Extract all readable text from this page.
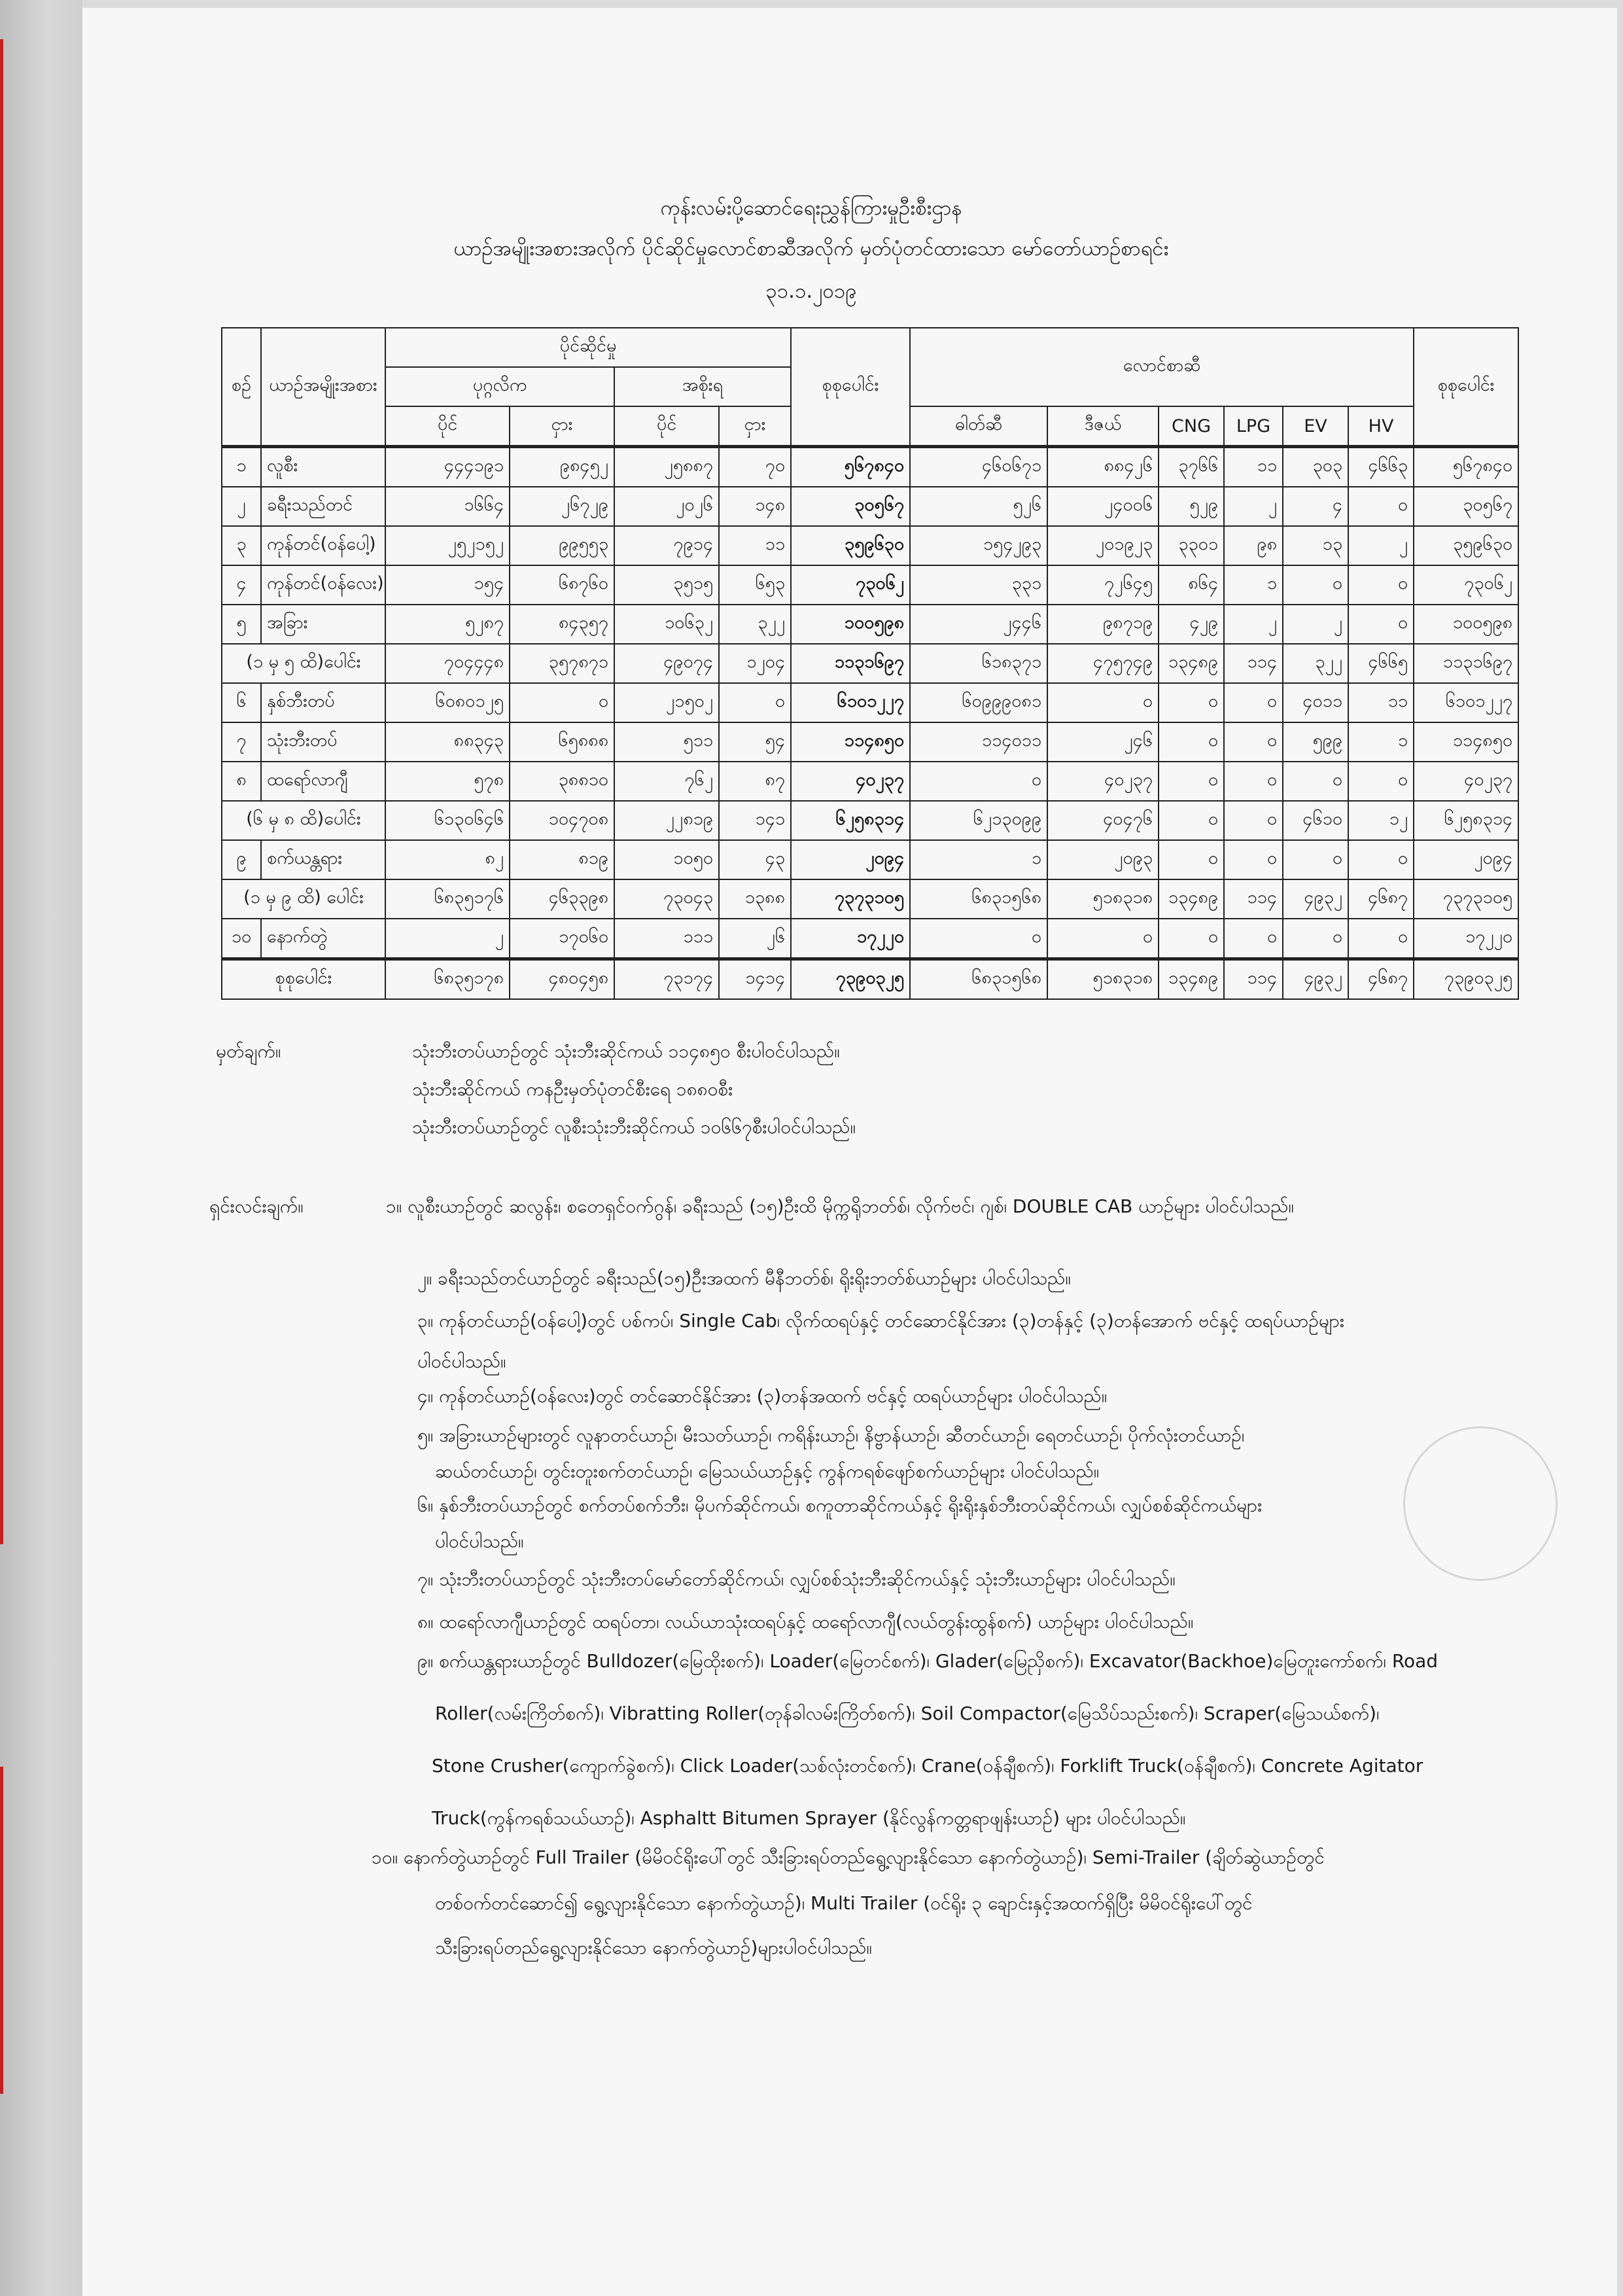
ကုန်းလမ်းပို့ဆောင်ရေးညွှန်ကြားမှုဦးစီးဌာန
ယာဉ်အမျိုးအစားအလိုက် ပိုင်ဆိုင်မှုလောင်စာဆီအလိုက် မှတ်ပုံတင်ထားသော မော်တော်ယာဉ်စာရင်း
၃၁.၁.၂၀၁၉
စဉ်	ယာဉ်အမျိုးအစား	ပိုင်ဆိုင်မှု				စုစုပေါင်း	လောင်စာဆီ						စုစုပေါင်း
		ပုဂ္ဂလိက		အစိုးရ									
		ပိုင်	ငှား	ပိုင်	ငှား		ဓါတ်ဆီ	ဒီဇယ်	CNG	LPG	EV	HV	
၁	လူစီး	၄၄၄၁၉၁	၉၈၄၅၂	၂၅၈၈၇	၇၀	၅၆၇၈၄၀	၄၆၀၆၇၁	၈၈၄၂၆	၃၇၆၆	၁၁	၃၀၃	၄၆၆၃	၅၆၇၈၄၀
၂	ခရီးသည်တင်	၁၆၆၄	၂၆၇၂၉	၂၀၂၆	၁၄၈	၃၀၅၆၇	၅၂၆	၂၄၀၀၆	၅၂၉	၂	၄	၀	၃၀၅၆၇
၃	ကုန်တင်(ဝန်ပေါ့)	၂၅၂၁၅၂	၉၉၅၅၃	၇၉၁၄	၁၁	၃၅၉၆၃၀	၁၅၄၂၉၃	၂၀၁၉၂၃	၃၃၀၁	၉၈	၁၃	၂	၃၅၉၆၃၀
၄	ကုန်တင်(ဝန်လေး)	၁၅၄	၆၈၇၆၀	၃၅၁၅	၆၅၃	၇၃၀၆၂	၃၃၁	၇၂၆၄၅	၈၆၄	၁	၀	၀	၇၃၀၆၂
၅	အခြား	၅၂၈၇	၈၄၃၅၇	၁၀၆၃၂	၃၂၂	၁၀၀၅၉၈	၂၄၄၆	၉၈၇၁၉	၄၂၉	၂	၂	၀	၁၀၀၅၉၈
(၁ မှ ၅ ထိ)ပေါင်း		၇၀၄၄၄၈	၃၅၇၈၇၁	၄၉၀၇၄	၁၂၀၄	၁၁၃၁၆၉၇	၆၁၈၃၇၁	၄၇၅၇၄၉	၁၃၄၈၉	၁၁၄	၃၂၂	၄၆၆၅	၁၁၃၁၆၉၇
၆	နှစ်ဘီးတပ်	၆၀၈၀၁၂၅	၀	၂၁၅၀၂	၀	၆၁၀၁၂၂၇	၆၀၉၉၉၀၈၁	၀	၀	၀	၄၀၁၁	၁၁	၆၁၀၁၂၂၇
၇	သုံးဘီးတပ်	၈၈၃၄၃	၆၅၈၈၈	၅၁၁	၅၄	၁၁၄၈၅၀	၁၁၄၀၁၁	၂၄၆	၀	၀	၅၉၉	၁	၁၁၄၈၅၀
၈	ထရော်လာဂျီ	၅၇၈	၃၈၈၁၀	၇၆၂	၈၇	၄၀၂၃၇	၀	၄၀၂၃၇	၀	၀	၀	၀	၄၀၂၃၇
(၆ မှ ၈ ထိ)ပေါင်း		၆၁၃၀၆၄၆	၁၀၄၇၀၈	၂၂၈၁၉	၁၄၁	၆၂၅၈၃၁၄	၆၂၁၃၀၉၉	၄၀၄၇၆	၀	၀	၄၆၁၀	၁၂	၆၂၅၈၃၁၄
၉	စက်ယန္တရား	၈၂	၈၁၉	၁၀၅၀	၄၃	၂၀၉၄	၁	၂၀၉၃	၀	၀	၀	၀	၂၀၉၄
(၁ မှ ၉ ထိ) ပေါင်း		၆၈၃၅၁၇၆	၄၆၃၃၉၈	၇၃၀၄၃	၁၃၈၈	၇၃၇၃၁၀၅	၆၈၃၁၅၆၈	၅၁၈၃၁၈	၁၃၄၈၉	၁၁၄	၄၉၃၂	၄၆၈၇	၇၃၇၃၁၀၅
၁၀	နောက်တွဲ	၂	၁၇၀၆၀	၁၁၁	၂၆	၁၇၂၂၀	၀	၀	၀	၀	၀	၀	၁၇၂၂၀
စုစုပေါင်း		၆၈၃၅၁၇၈	၄၈၀၄၅၈	၇၃၁၇၄	၁၄၁၄	၇၃၉၀၃၂၅	၆၈၃၁၅၆၈	၅၁၈၃၁၈	၁၃၄၈၉	၁၁၄	၄၉၃၂	၄၆၈၇	၇၃၉၀၃၂၅
မှတ်ချက်။	သုံးဘီးတပ်ယာဉ်တွင် သုံးဘီးဆိုင်ကယ် ၁၁၄၈၅၀ စီးပါဝင်ပါသည်။
သုံးဘီးဆိုင်ကယ် ကနဦးမှတ်ပုံတင်စီးရေ ၁၈၈၀စီး
သုံးဘီးတပ်ယာဉ်တွင် လူစီးသုံးဘီးဆိုင်ကယ် ၁၀၆၆၇စီးပါဝင်ပါသည်။
ရှင်းလင်းချက်။	၁။ လူစီးယာဉ်တွင် ဆလွန်း၊ စတေရှင်ဝက်ဂွန်၊ ခရီးသည် (၁၅)ဦးထိ မိုက္ကရိုဘတ်စ်၊ လိုက်ဗင်၊ ဂျစ်၊ DOUBLE CAB ယာဉ်များ ပါဝင်ပါသည်။
၂။ ခရီးသည်တင်ယာဉ်တွင် ခရီးသည်(၁၅)ဦးအထက် မီနီဘတ်စ်၊ ရိုးရိုးဘတ်စ်ယာဉ်များ ပါဝင်ပါသည်။
၃။ ကုန်တင်ယာဉ်(ဝန်ပေါ့)တွင် ပစ်ကပ်၊ Single Cab၊ လိုက်ထရပ်နှင့် တင်ဆောင်နိုင်အား (၃)တန်နှင့် (၃)တန်အောက် ဗင်နှင့် ထရပ်ယာဉ်များ
ပါဝင်ပါသည်။
၄။ ကုန်တင်ယာဉ်(ဝန်လေး)တွင် တင်ဆောင်နိုင်အား (၃)တန်အထက် ဗင်နှင့် ထရပ်ယာဉ်များ ပါဝင်ပါသည်။
၅။ အခြားယာဉ်များတွင် လူနာတင်ယာဉ်၊ မီးသတ်ယာဉ်၊ ကရိန်းယာဉ်၊ နိဗ္ဗာန်ယာဉ်၊ ဆီတင်ယာဉ်၊ ရေတင်ယာဉ်၊ ပိုက်လုံးတင်ယာဉ်၊
ဆယ်တင်ယာဉ်၊ တွင်းတူးစက်တင်ယာဉ်၊ မြေသယ်ယာဉ်နှင့် ကွန်ကရစ်ဖျော်စက်ယာဉ်များ ပါဝင်ပါသည်။
၆။ နှစ်ဘီးတပ်ယာဉ်တွင် စက်တပ်စက်ဘီး၊ မိုပက်ဆိုင်ကယ်၊ စကူတာဆိုင်ကယ်နှင့် ရိုးရိုးနှစ်ဘီးတပ်ဆိုင်ကယ်၊ လျှပ်စစ်ဆိုင်ကယ်များ
ပါဝင်ပါသည်။
၇။ သုံးဘီးတပ်ယာဉ်တွင် သုံးဘီးတပ်မော်တော်ဆိုင်ကယ်၊ လျှပ်စစ်သုံးဘီးဆိုင်ကယ်နှင့် သုံးဘီးယာဉ်များ ပါဝင်ပါသည်။
၈။ ထရော်လာဂျီယာဉ်တွင် ထရပ်တာ၊ လယ်ယာသုံးထရပ်နှင့် ထရော်လာဂျီ(လယ်တွန်းထွန်စက်) ယာဉ်များ ပါဝင်ပါသည်။
၉။ စက်ယန္တရားယာဉ်တွင် Bulldozer(မြေထိုးစက်)၊ Loader(မြေတင်စက်)၊ Glader(မြေညှိစက်)၊ Excavator(Backhoe)မြေတူးကော်စက်၊ Road
Roller(လမ်းကြိတ်စက်)၊ Vibratting Roller(တုန်ခါလမ်းကြိတ်စက်)၊ Soil Compactor(မြေသိပ်သည်းစက်)၊ Scraper(မြေသယ်စက်)၊
Stone Crusher(ကျောက်ခွဲစက်)၊ Click Loader(သစ်လုံးတင်စက်)၊ Crane(ဝန်ချီစက်)၊ Forklift Truck(ဝန်ချီစက်)၊ Concrete Agitator
Truck(ကွန်ကရစ်သယ်ယာဉ်)၊ Asphaltt Bitumen Sprayer (နိုင်လွန်ကတ္တရာဖျန်းယာဉ်) များ ပါဝင်ပါသည်။
၁၀။ နောက်တွဲယာဉ်တွင် Full Trailer (မိမိဝင်ရိုးပေါ်တွင် သီးခြားရပ်တည်ရွေ့လျားနိုင်သော နောက်တွဲယာဉ်)၊ Semi-Trailer (ချိတ်ဆွဲယာဉ်တွင်
တစ်ဝက်တင်ဆောင်၍ ရွေ့လျားနိုင်သော နောက်တွဲယာဉ်)၊ Multi Trailer (ဝင်ရိုး ၃ ချောင်းနှင့်အထက်ရှိပြီး မိမိဝင်ရိုးပေါ်တွင်
သီးခြားရပ်တည်ရွေ့လျားနိုင်သော နောက်တွဲယာဉ်)များပါဝင်ပါသည်။
